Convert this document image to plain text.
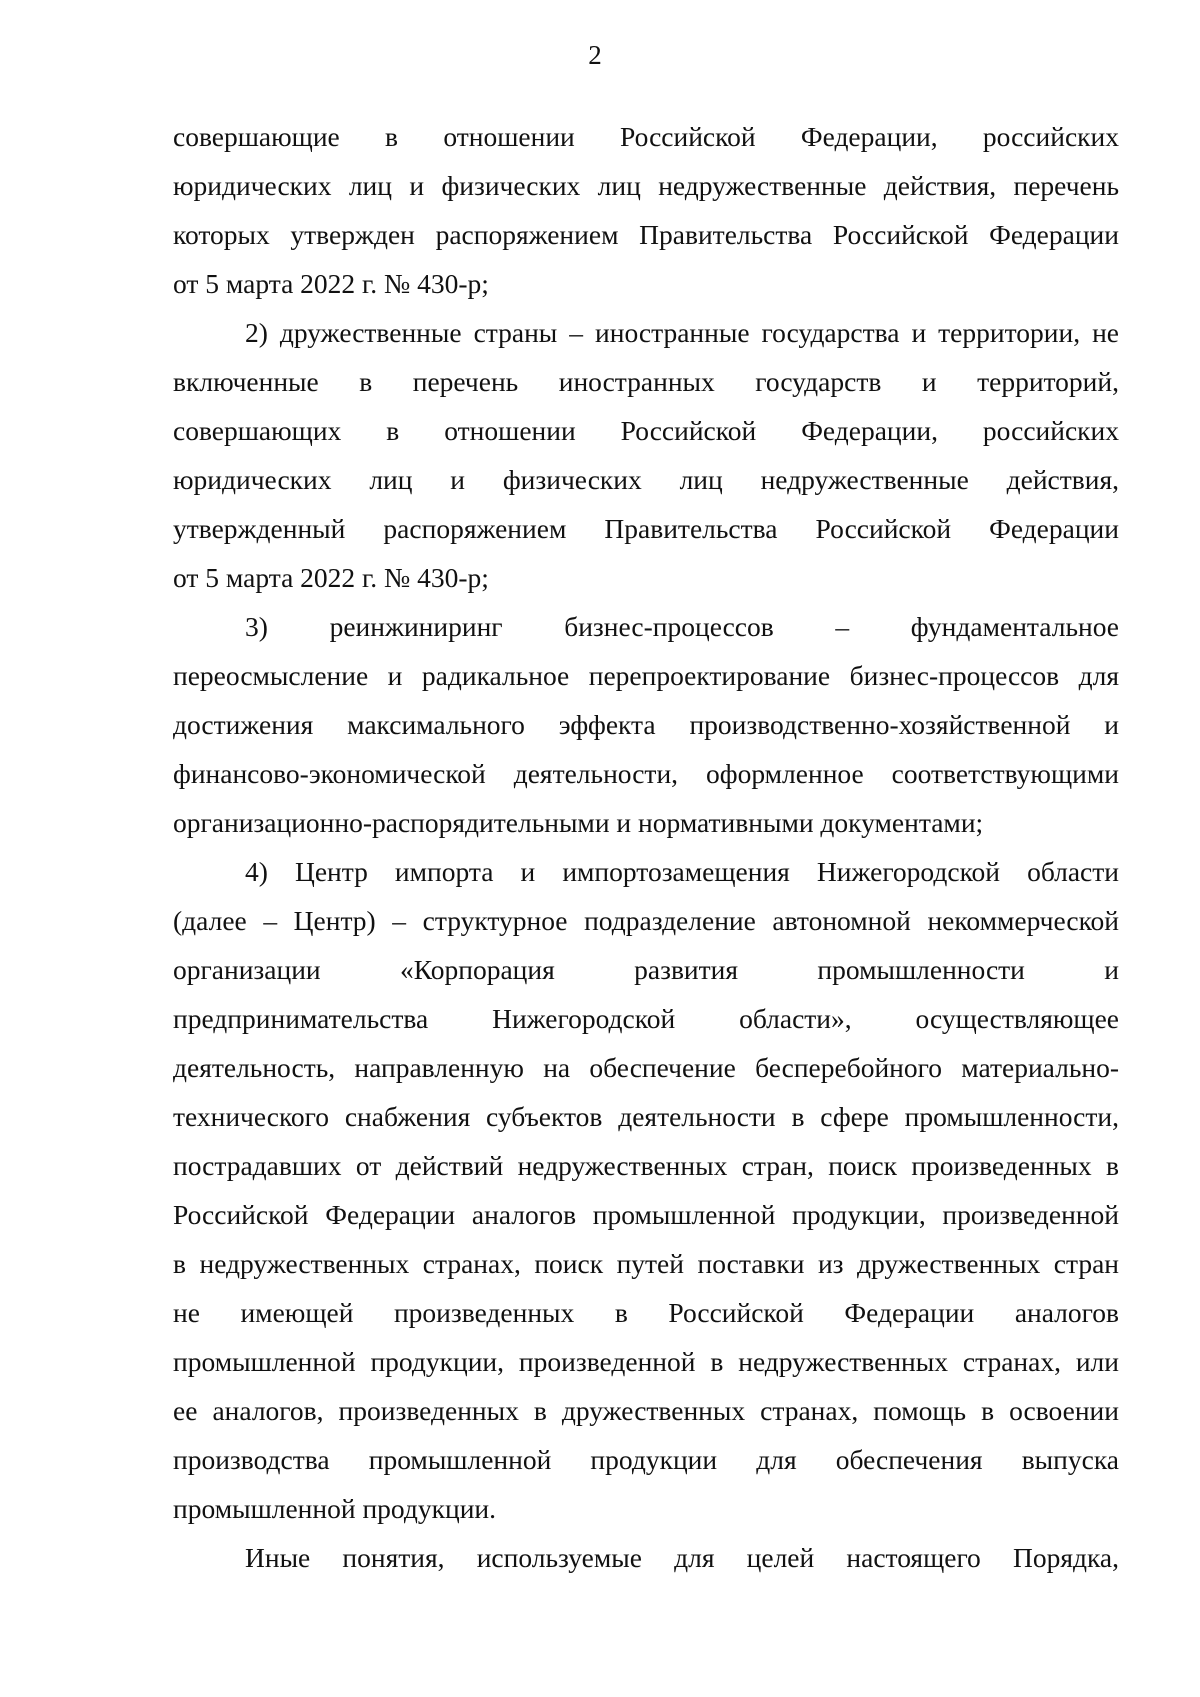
2
совершающие в отношении Российской Федерации, российских
юридических лиц и физических лиц недружественные действия, перечень
которых утвержден распоряжением Правительства Российской Федерации
от 5 марта 2022 г. № 430-р;
2) дружественные страны – иностранные государства и территории, не
включенные в перечень иностранных государств и территорий,
совершающих в отношении Российской Федерации, российских
юридических лиц и физических лиц недружественные действия,
утвержденный распоряжением Правительства Российской Федерации
от 5 марта 2022 г. № 430-р;
3) реинжиниринг бизнес-процессов – фундаментальное
переосмысление и радикальное перепроектирование бизнес-процессов для
достижения максимального эффекта производственно-хозяйственной и
финансово-экономической деятельности, оформленное соответствующими
организационно-распорядительными и нормативными документами;
4) Центр импорта и импортозамещения Нижегородской области
(далее – Центр) – структурное подразделение автономной некоммерческой
организации «Корпорация развития промышленности и
предпринимательства Нижегородской области», осуществляющее
деятельность, направленную на обеспечение бесперебойного материально-
технического снабжения субъектов деятельности в сфере промышленности,
пострадавших от действий недружественных стран, поиск произведенных в
Российской Федерации аналогов промышленной продукции, произведенной
в недружественных странах, поиск путей поставки из дружественных стран
не имеющей произведенных в Российской Федерации аналогов
промышленной продукции, произведенной в недружественных странах, или
ее аналогов, произведенных в дружественных странах, помощь в освоении
производства промышленной продукции для обеспечения выпуска
промышленной продукции.
Иные понятия, используемые для целей настоящего Порядка,
